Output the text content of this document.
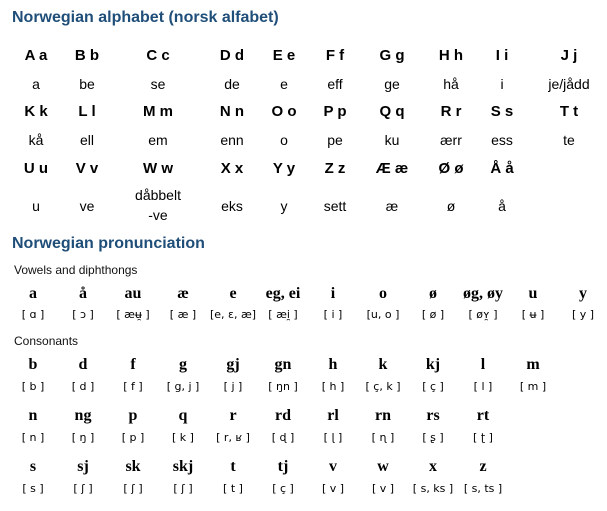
Norwegian alphabet (norsk alfabet)
A a
a
B b
be
C c
se
D d
de
E e
e
F f
eff
G g
ge
H h
hå
I i
i
J j
je/jådd
K k
kå
L l
ell
M m
em
N n
enn
O o
o
P p
pe
Q q
ku
R r
ærr
S s
ess
T t
te
U u
u
V v
ve
W w
dåbbelt
-ve
X x
eks
Y y
y
Z z
sett
Æ æ
æ
Ø ø
ø
Å å
å
Norwegian pronunciation
Vowels and diphthongs
a
[ ɑ ]
å
[ ɔ ]
au
[ æʉ̯ ]
æ
[ æ ]
e
[e, ɛ, æ]
eg, ei
[ æi̯ ]
i
[ i ]
o
[u, o ]
ø
[ ø ]
øg, øy
[ øʏ̯ ]
u
[ ʉ ]
y
[ y ]
Consonants
b
[ b ]
d
[ d ]
f
[ f ]
g
[ g, j ]
gj
[ j ]
gn
[ ŋn ]
h
[ h ]
k
[ ç, k ]
kj
[ ç ]
l
[ l ]
m
[ m ]
n
[ n ]
ng
[ ŋ ]
p
[ p ]
q
[ k ]
r
[ r, ʁ ]
rd
[ ɖ ]
rl
[ ɭ ]
rn
[ ɳ ]
rs
[ ʂ ]
rt
[ ʈ ]
s
[ s ]
sj
[ ʃ ]
sk
[ ʃ ]
skj
[ ʃ ]
t
[ t ]
tj
[ ç ]
v
[ v ]
w
[ v ]
x
[ s, ks ]
z
[ s, ts ]
